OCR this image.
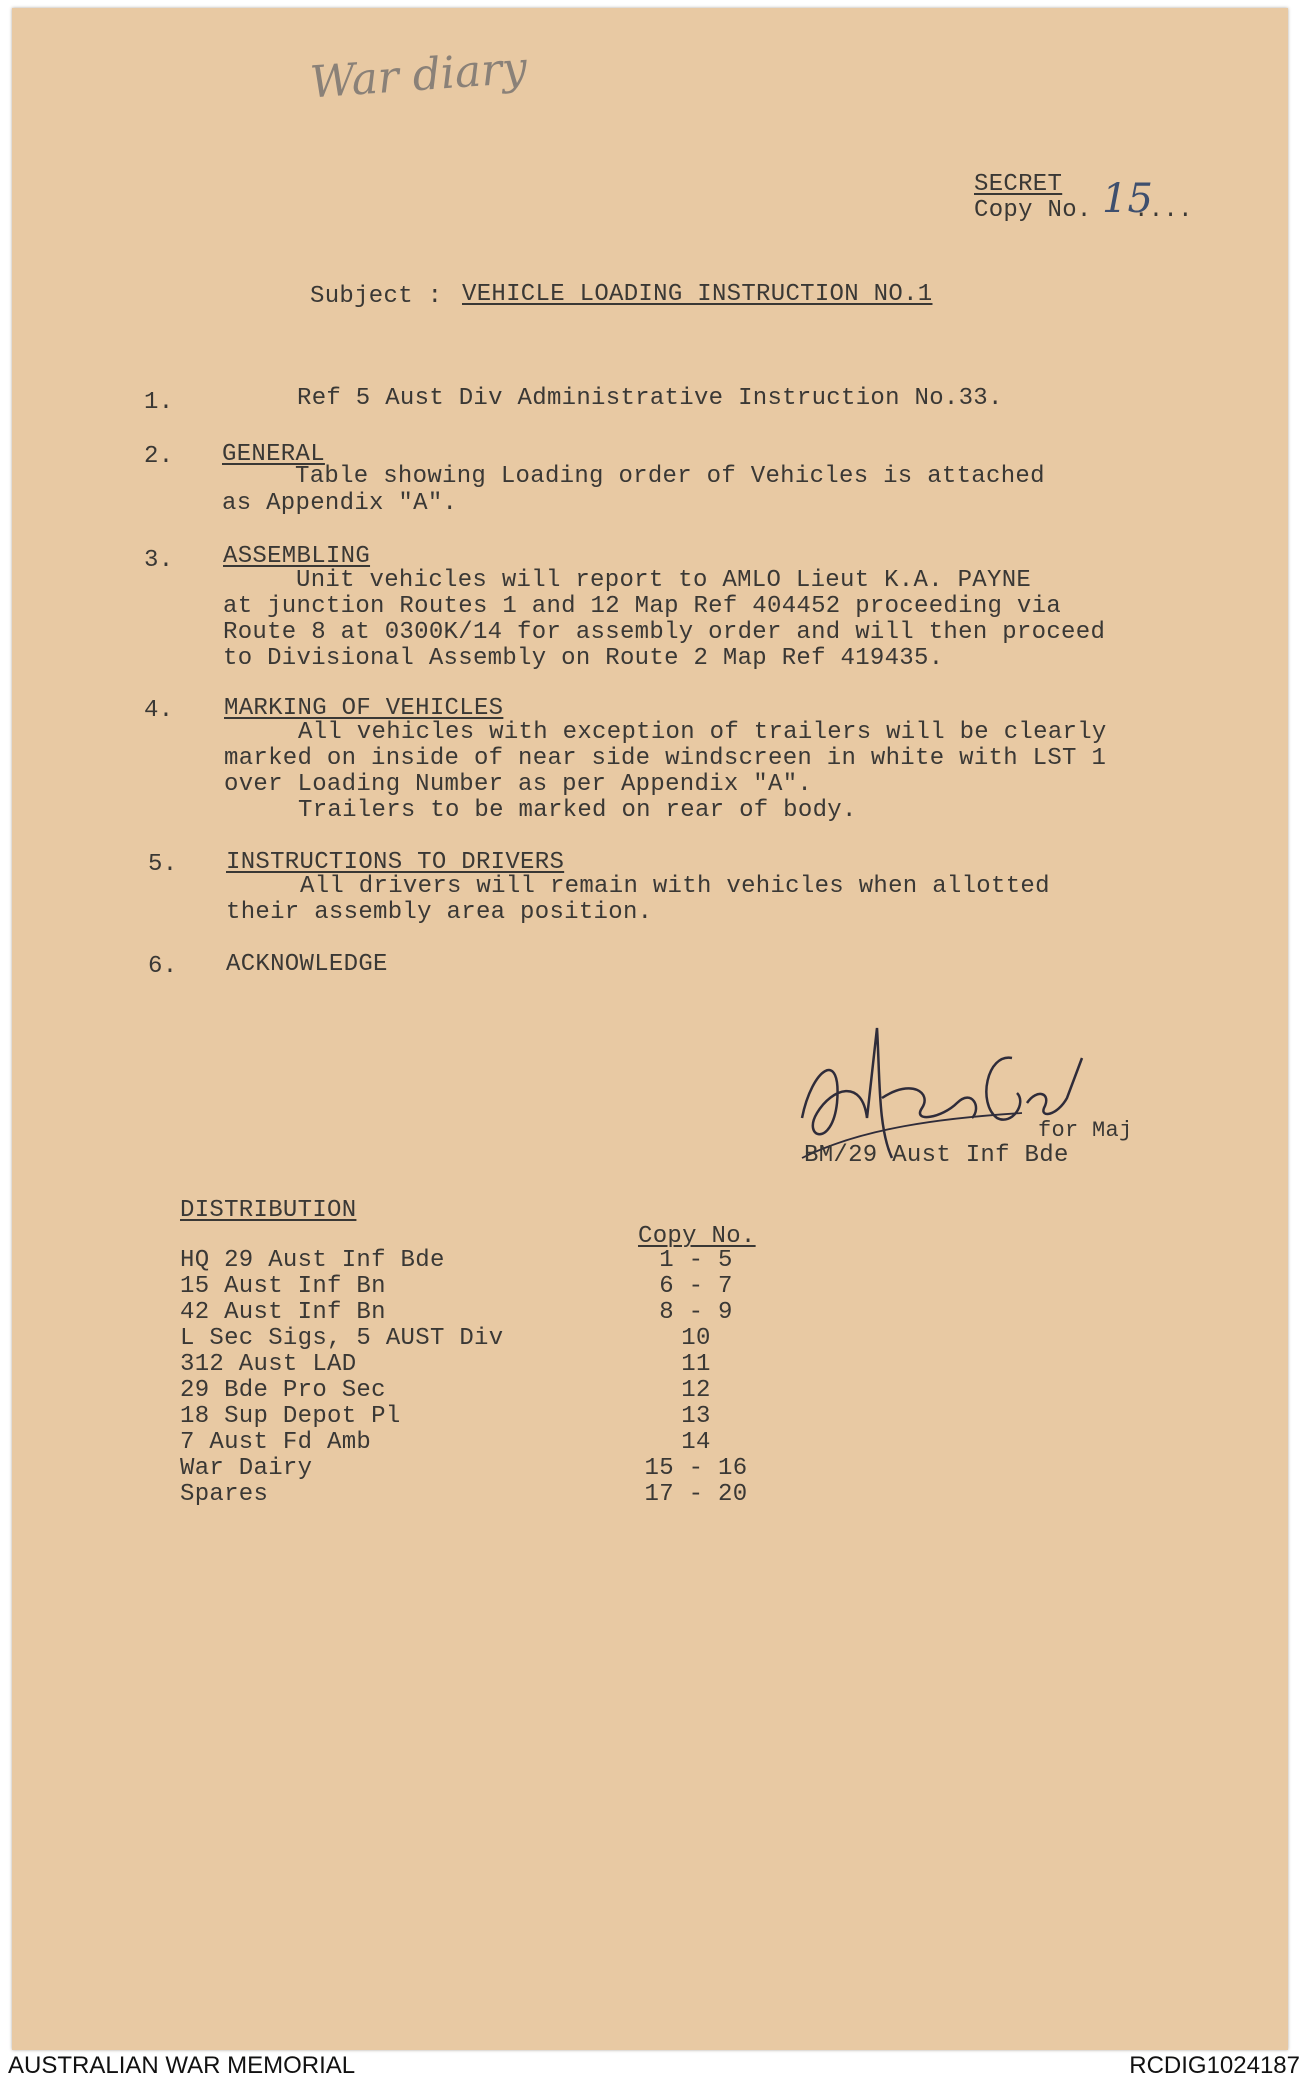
War diary
SECRET
Copy No. 15
....
Subject : VEHICLE LOADING INSTRUCTION NO.1
1.	Ref 5 Aust Div Administrative Instruction No.33.
2. GENERAL
Table showing Loading order of Vehicles is attached
as Appendix "A".
3. ASSEMBLING
Unit vehicles will report to AMLO Lieut K.A. PAYNE
at junction Routes 1 and 12 Map Ref 404452 proceeding via
Route 8 at 0300K/14 for assembly order and will then proceed
to Divisional Assembly on Route 2 Map Ref 419435.
4. MARKING OF VEHICLES
All vehicles with exception of trailers will be clearly
marked on inside of near side windscreen in white with LST 1
over Loading Number as per Appendix "A".
Trailers to be marked on rear of body.
5. INSTRUCTIONS TO DRIVERS
All drivers will remain with vehicles when allotted
their assembly area position.
6. ACKNOWLEDGE
for Maj
BM/29 Aust Inf Bde
DISTRIBUTION
Copy No.
HQ 29 Aust Inf Bde	1 - 5
15 Aust Inf Bn	6 - 7
42 Aust Inf Bn	8 - 9
L Sec Sigs, 5 AUST Div	10
312 Aust LAD	11
29 Bde Pro Sec	12
18 Sup Depot Pl	13
7 Aust Fd Amb	14
War Dairy	15 - 16
Spares	17 - 20
AUSTRALIAN WAR MEMORIAL	RCDIG1024187
